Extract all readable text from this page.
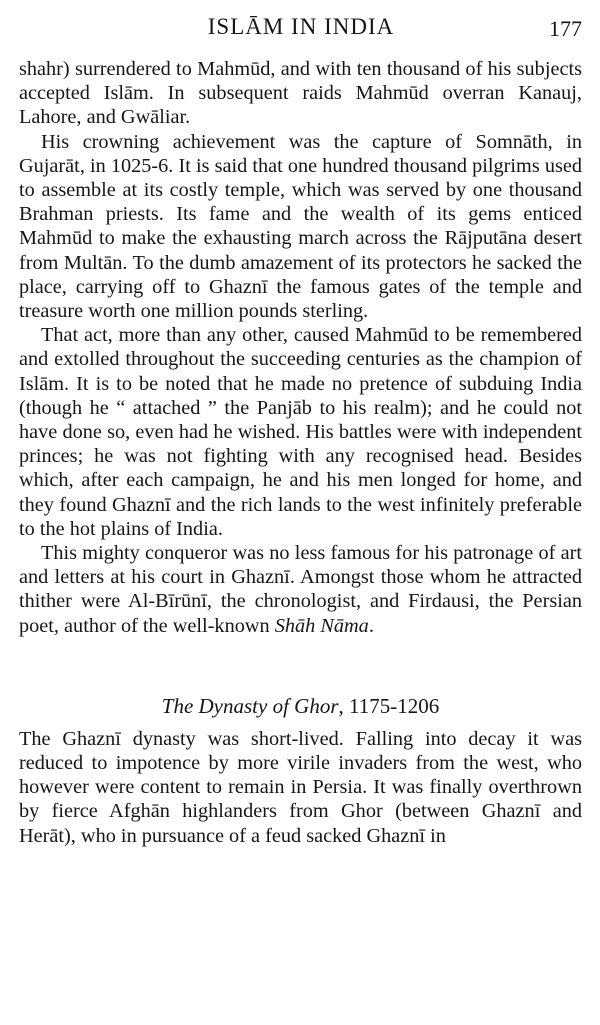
ISLĀM IN INDIA	177

shahr) surrendered to Mahmūd, and with ten thousand of his subjects accepted Islām. In subsequent raids Mahmūd overran Kanauj, Lahore, and Gwāliar.

His crowning achievement was the capture of Somnāth, in Gujarāt, in 1025-6. It is said that one hundred thousand pilgrims used to assemble at its costly temple, which was served by one thousand Brahman priests. Its fame and the wealth of its gems enticed Mahmūd to make the exhausting march across the Rājputāna desert from Multān. To the dumb amazement of its protectors he sacked the place, carrying off to Ghaznī the famous gates of the temple and treasure worth one million pounds sterling.

That act, more than any other, caused Mahmūd to be remembered and extolled throughout the succeeding centuries as the champion of Islām. It is to be noted that he made no pretence of subduing India (though he “ attached ” the Panjāb to his realm); and he could not have done so, even had he wished. His battles were with independent princes; he was not fighting with any recognised head. Besides which, after each campaign, he and his men longed for home, and they found Ghaznī and the rich lands to the west infinitely preferable to the hot plains of India.

This mighty conqueror was no less famous for his patronage of art and letters at his court in Ghaznī. Amongst those whom he attracted thither were Al-Bīrūnī, the chronologist, and Firdausi, the Persian poet, author of the well-known Shāh Nāma.

The Dynasty of Ghor, 1175-1206

The Ghaznī dynasty was short-lived. Falling into decay it was reduced to impotence by more virile invaders from the west, who however were content to remain in Persia. It was finally overthrown by fierce Afghān highlanders from Ghor (between Ghaznī and Herāt), who in pursuance of a feud sacked Ghaznī in
